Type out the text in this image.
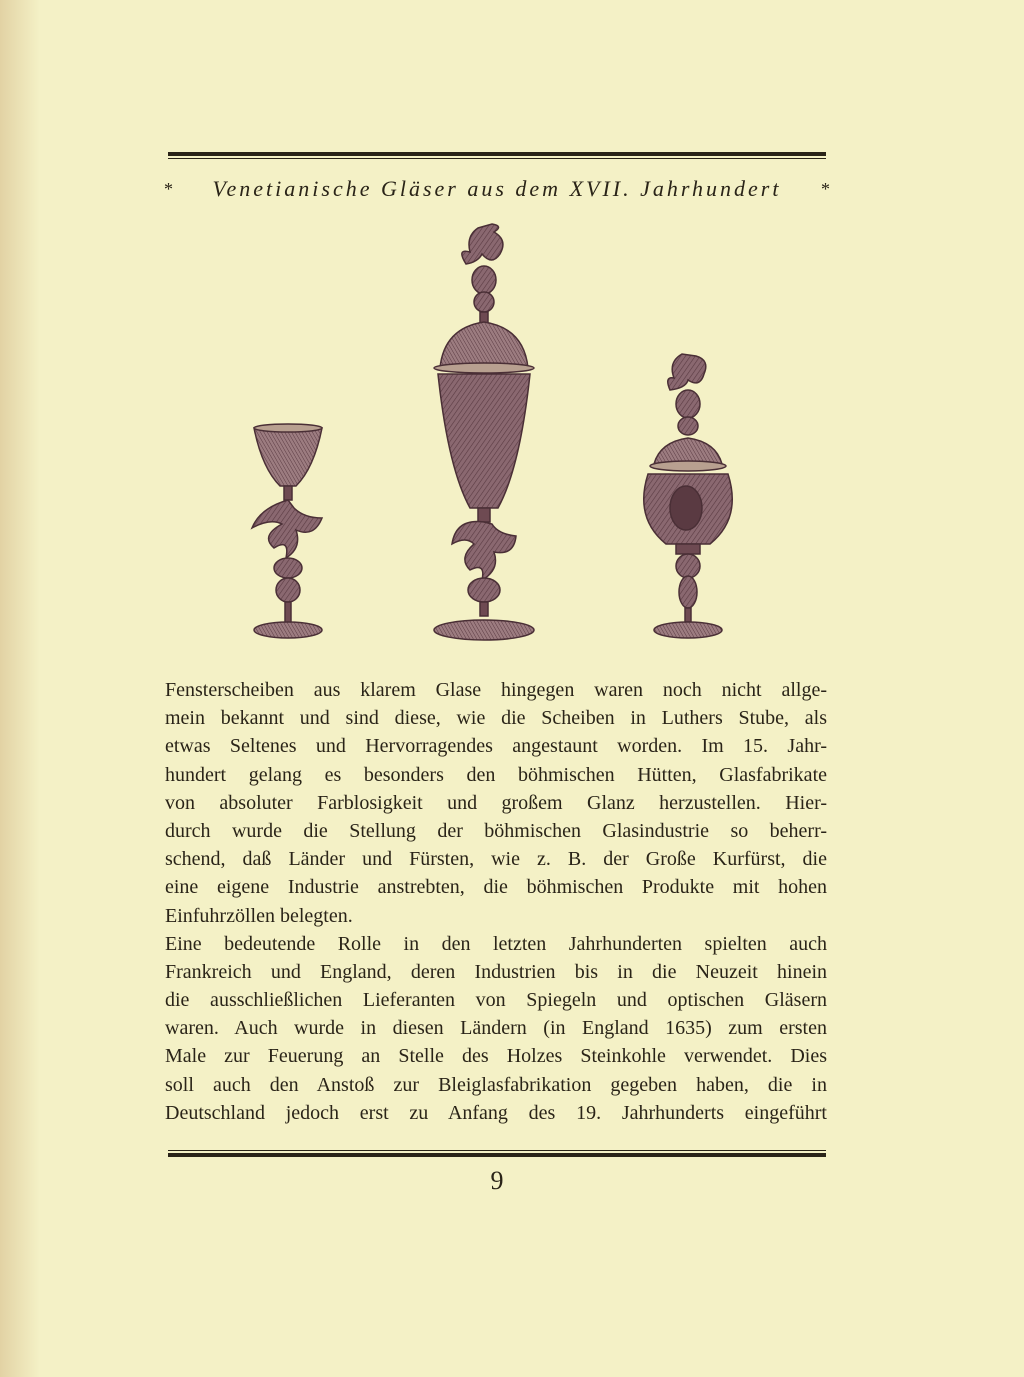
* Venetianische Gläser aus dem XVII. Jahrhundert *
Fensterscheiben aus klarem Glase hingegen waren noch nicht allge-
mein bekannt und sind diese, wie die Scheiben in Luthers Stube, als
etwas Seltenes und Hervorragendes angestaunt worden. Im 15. Jahr-
hundert gelang es besonders den böhmischen Hütten, Glasfabrikate
von absoluter Farblosigkeit und großem Glanz herzustellen. Hier-
durch wurde die Stellung der böhmischen Glasindustrie so beherr-
schend, daß Länder und Fürsten, wie z. B. der Große Kurfürst, die
eine eigene Industrie anstrebten, die böhmischen Produkte mit hohen
Einfuhrzöllen belegten.
Eine bedeutende Rolle in den letzten Jahrhunderten spielten auch
Frankreich und England, deren Industrien bis in die Neuzeit hinein
die ausschließlichen Lieferanten von Spiegeln und optischen Gläsern
waren. Auch wurde in diesen Ländern (in England 1635) zum ersten
Male zur Feuerung an Stelle des Holzes Steinkohle verwendet. Dies
soll auch den Anstoß zur Bleiglasfabrikation gegeben haben, die in
Deutschland jedoch erst zu Anfang des 19. Jahrhunderts eingeführt
9
